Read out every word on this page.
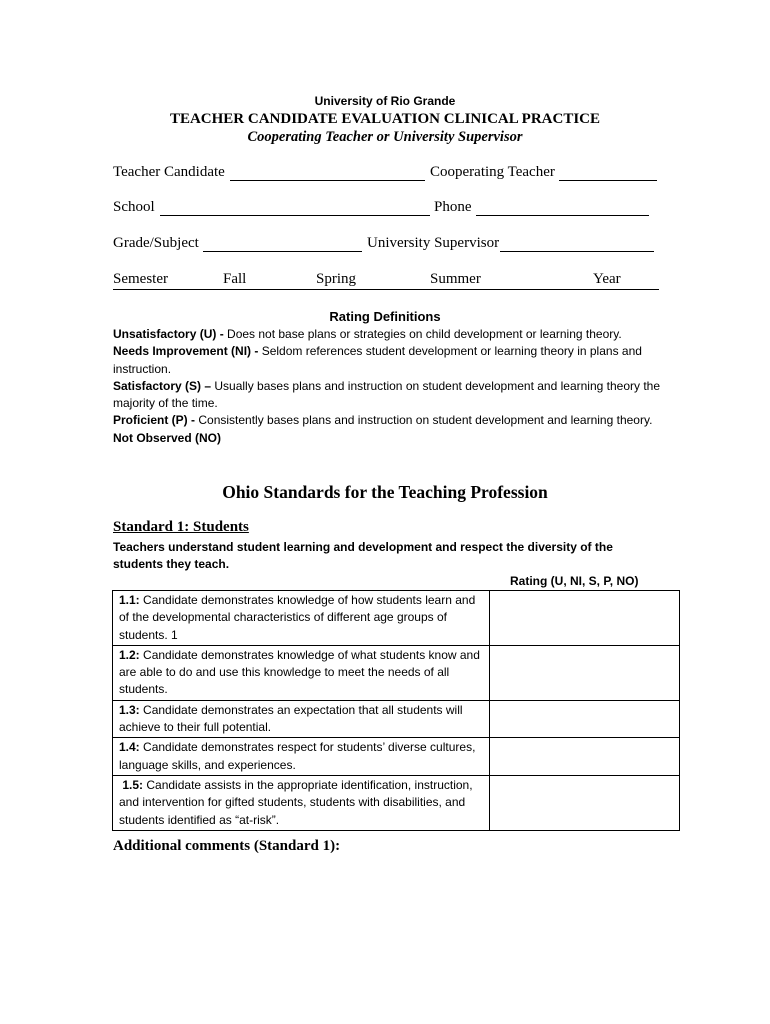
University of Rio Grande
TEACHER CANDIDATE EVALUATION CLINICAL PRACTICE
Cooperating Teacher or University Supervisor
Teacher Candidate	Cooperating Teacher
School	Phone
Grade/Subject	University Supervisor
Semester	Fall	Spring	Summer	Year
Rating Definitions

Unsatisfactory (U) - Does not base plans or strategies on child development or learning theory.

Needs Improvement (NI) - Seldom references student development or learning theory in plans and instruction.

Satisfactory (S) – Usually bases plans and instruction on student development and learning theory the majority of the time.

Proficient (P) - Consistently bases plans and instruction on student development and learning theory.

Not Observed (NO)

Ohio Standards for the Teaching Profession
Standard 1: Students
Teachers understand student learning and development and respect the diversity of the students they teach.
Rating (U, NI, S, P, NO)
1.1: Candidate demonstrates knowledge of how students learn and of the developmental characteristics of different age groups of students. 1	
1.2: Candidate demonstrates knowledge of what students know and are able to do and use this knowledge to meet the needs of all students.	
1.3: Candidate demonstrates an expectation that all students will achieve to their full potential.	
1.4: Candidate demonstrates respect for students’ diverse cultures, language skills, and experiences.	
1.5: Candidate assists in the appropriate identification, instruction, and intervention for gifted students, students with disabilities, and students identified as “at-risk”.	
Additional comments (Standard 1):
